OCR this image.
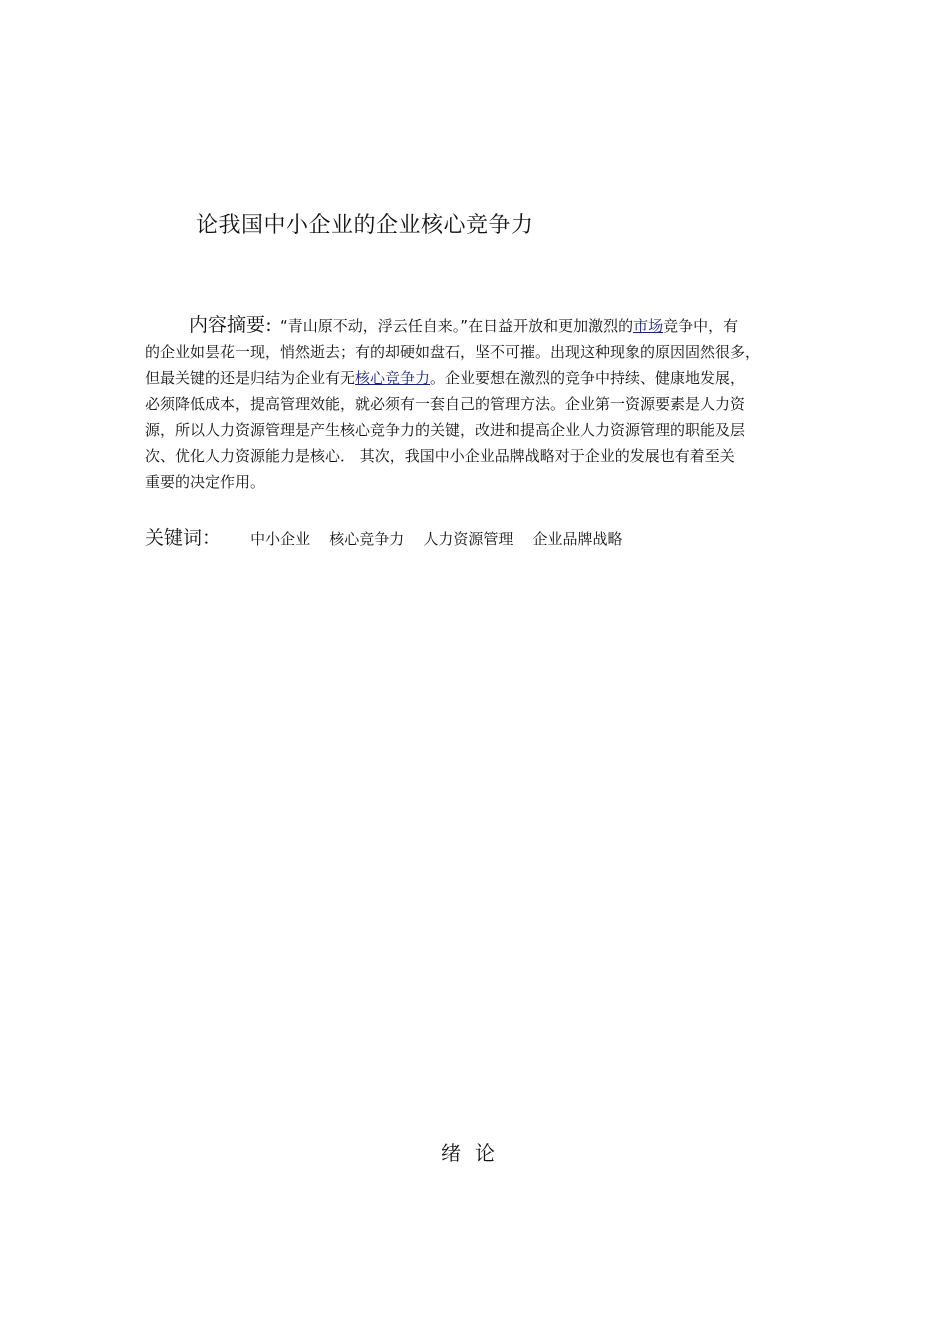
论我国中小企业的企业核心竞争力
内容摘要：“青山原不动，浮云任自来。”在日益开放和更加激烈的市场竞争中，有
的企业如昙花一现，悄然逝去；有的却硬如盘石，坚不可摧。出现这种现象的原因固然很多，
但最关键的还是归结为企业有无核心竞争力。企业要想在激烈的竞争中持续、健康地发展，
必须降低成本，提高管理效能，就必须有一套自己的管理方法。企业第一资源要素是人力资
源，所以人力资源管理是产生核心竞争力的关键，改进和提高企业人力资源管理的职能及层
次、优化人力资源能力是核心． 其次，我国中小企业品牌战略对于企业的发展也有着至关
重要的决定作用。
关键词： 中小企业 核心竞争力 人力资源管理 企业品牌战略
绪论
